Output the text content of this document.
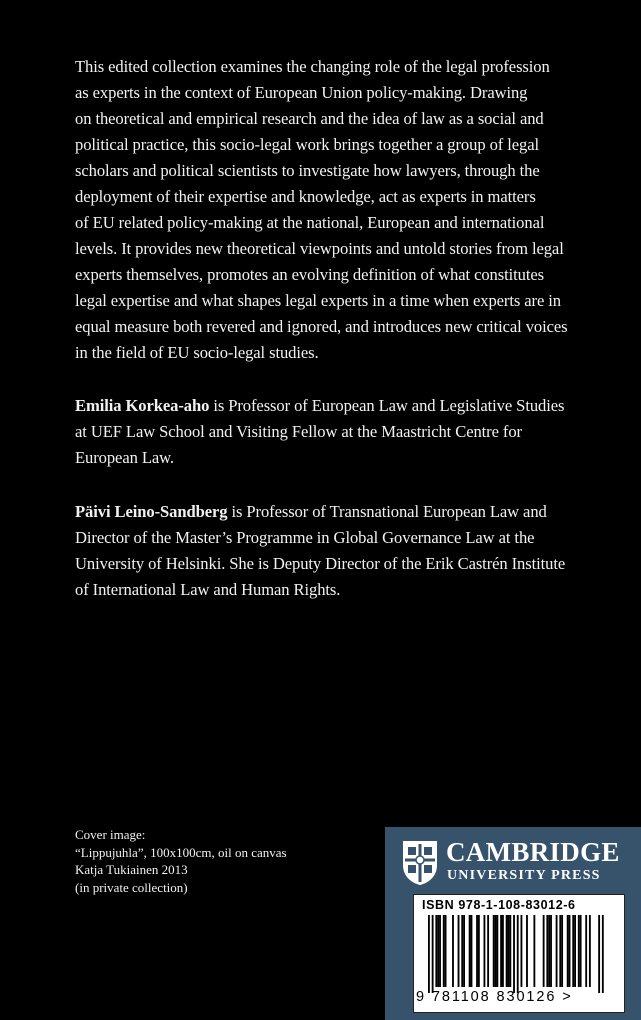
This edited collection examines the changing role of the legal profession

as experts in the context of European Union policy-making. Drawing

on theoretical and empirical research and the idea of law as a social and

political practice, this socio-legal work brings together a group of legal

scholars and political scientists to investigate how lawyers, through the

deployment of their expertise and knowledge, act as experts in matters

of EU related policy-making at the national, European and international

levels. It provides new theoretical viewpoints and untold stories from legal

experts themselves, promotes an evolving definition of what constitutes

legal expertise and what shapes legal experts in a time when experts are in

equal measure both revered and ignored, and introduces new critical voices

in the field of EU socio-legal studies.

Emilia Korkea-aho is Professor of European Law and Legislative Studies

at UEF Law School and Visiting Fellow at the Maastricht Centre for

European Law.

Päivi Leino-Sandberg is Professor of Transnational European Law and

Director of the Master’s Programme in Global Governance Law at the

University of Helsinki. She is Deputy Director of the Erik Castrén Institute

of International Law and Human Rights.

Cover image:
“Lippujuhla”, 100x100cm, oil on canvas
Katja Tukiainen 2013
(in private collection)
CAMBRIDGE
UNIVERSITY PRESS
ISBN 978-1-108-83012-6
9 781108 830126 >
